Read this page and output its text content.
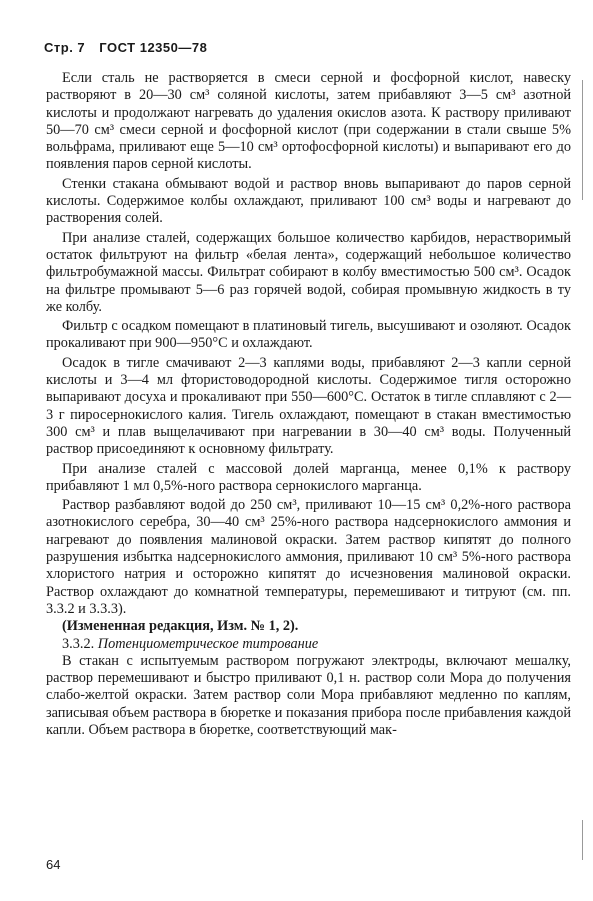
Стр. 7 ГОСТ 12350—78

Если сталь не растворяется в смеси серной и фосфорной кислот, навеску растворяют в 20—30 см³ соляной кислоты, затем прибавляют 3—5 см³ азотной кислоты и продолжают нагревать до удаления окислов азота. К раствору приливают 50—70 см³ смеси серной и фосфорной кислот (при содержании в стали свыше 5% вольфрама, приливают еще 5—10 см³ ортофосфорной кислоты) и выпаривают его до появления паров серной кислоты.

Стенки стакана обмывают водой и раствор вновь выпаривают до паров серной кислоты. Содержимое колбы охлаждают, приливают 100 см³ воды и нагревают до растворения солей.

При анализе сталей, содержащих большое количество карбидов, нерастворимый остаток фильтруют на фильтр «белая лента», содержащий небольшое количество фильтробумажной массы. Фильтрат собирают в колбу вместимостью 500 см³. Осадок на фильтре промывают 5—6 раз горячей водой, собирая промывную жидкость в ту же колбу.

Фильтр с осадком помещают в платиновый тигель, высушивают и озоляют. Осадок прокаливают при 900—950°С и охлаждают.

Осадок в тигле смачивают 2—3 каплями воды, прибавляют 2—3 капли серной кислоты и 3—4 мл фтористоводородной кислоты. Содержимое тигля осторожно выпаривают досуха и прокаливают при 550—600°С. Остаток в тигле сплавляют с 2—3 г пиросернокислого калия. Тигель охлаждают, помещают в стакан вместимостью 300 см³ и плав выщелачивают при нагревании в 30—40 см³ воды. Полученный раствор присоединяют к основному фильтрату.

При анализе сталей с массовой долей марганца, менее 0,1% к раствору прибавляют 1 мл 0,5%-ного раствора сернокислого марганца.

Раствор разбавляют водой до 250 см³, приливают 10—15 см³ 0,2%-ного раствора азотнокислого серебра, 30—40 см³ 25%-ного раствора надсернокислого аммония и нагревают до появления малиновой окраски. Затем раствор кипятят до полного разрушения избытка надсернокислого аммония, приливают 10 см³ 5%-ного раствора хлористого натрия и осторожно кипятят до исчезновения малиновой окраски. Раствор охлаждают до комнатной температуры, перемешивают и титруют (см. пп. 3.3.2 и 3.3.3).

(Измененная редакция, Изм. № 1, 2).

3.3.2. Потенциометрическое титрование

В стакан с испытуемым раствором погружают электроды, включают мешалку, раствор перемешивают и быстро приливают 0,1 н. раствор соли Мора до получения слабо-желтой окраски. Затем раствор соли Мора прибавляют медленно по каплям, записывая объем раствора в бюретке и показания прибора после прибавления каждой капли. Объем раствора в бюретке, соответствующий мак-

64
